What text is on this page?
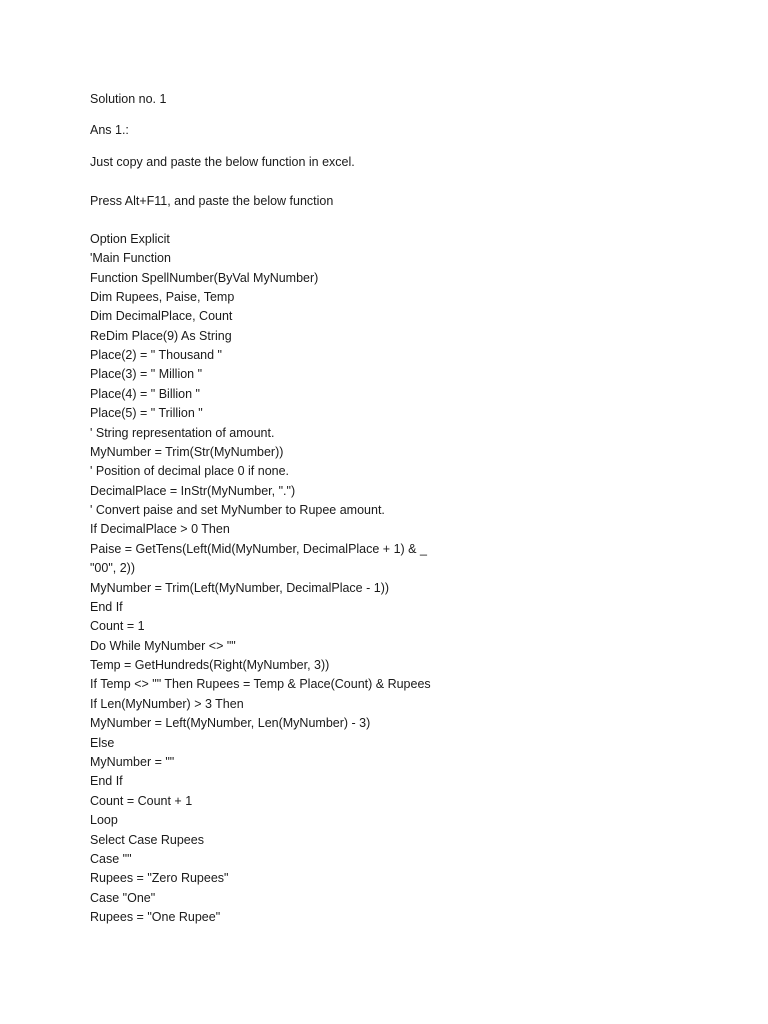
Solution no. 1
Ans 1.:
Just copy and paste the below function in excel.
Press Alt+F11, and paste the below function
Option Explicit
'Main Function
Function SpellNumber(ByVal MyNumber)
Dim Rupees, Paise, Temp
Dim DecimalPlace, Count
ReDim Place(9) As String
Place(2) = " Thousand "
Place(3) = " Million "
Place(4) = " Billion "
Place(5) = " Trillion "
' String representation of amount.
MyNumber = Trim(Str(MyNumber))
' Position of decimal place 0 if none.
DecimalPlace = InStr(MyNumber, ".")
' Convert paise and set MyNumber to Rupee amount.
If DecimalPlace > 0 Then
Paise = GetTens(Left(Mid(MyNumber, DecimalPlace + 1) & _
"00", 2))
MyNumber = Trim(Left(MyNumber, DecimalPlace - 1))
End If
Count = 1
Do While MyNumber <> ""
Temp = GetHundreds(Right(MyNumber, 3))
If Temp <> "" Then Rupees = Temp & Place(Count) & Rupees
If Len(MyNumber) > 3 Then
MyNumber = Left(MyNumber, Len(MyNumber) - 3)
Else
MyNumber = ""
End If
Count = Count + 1
Loop
Select Case Rupees
Case ""
Rupees = "Zero Rupees"
Case "One"
Rupees = "One Rupee"
